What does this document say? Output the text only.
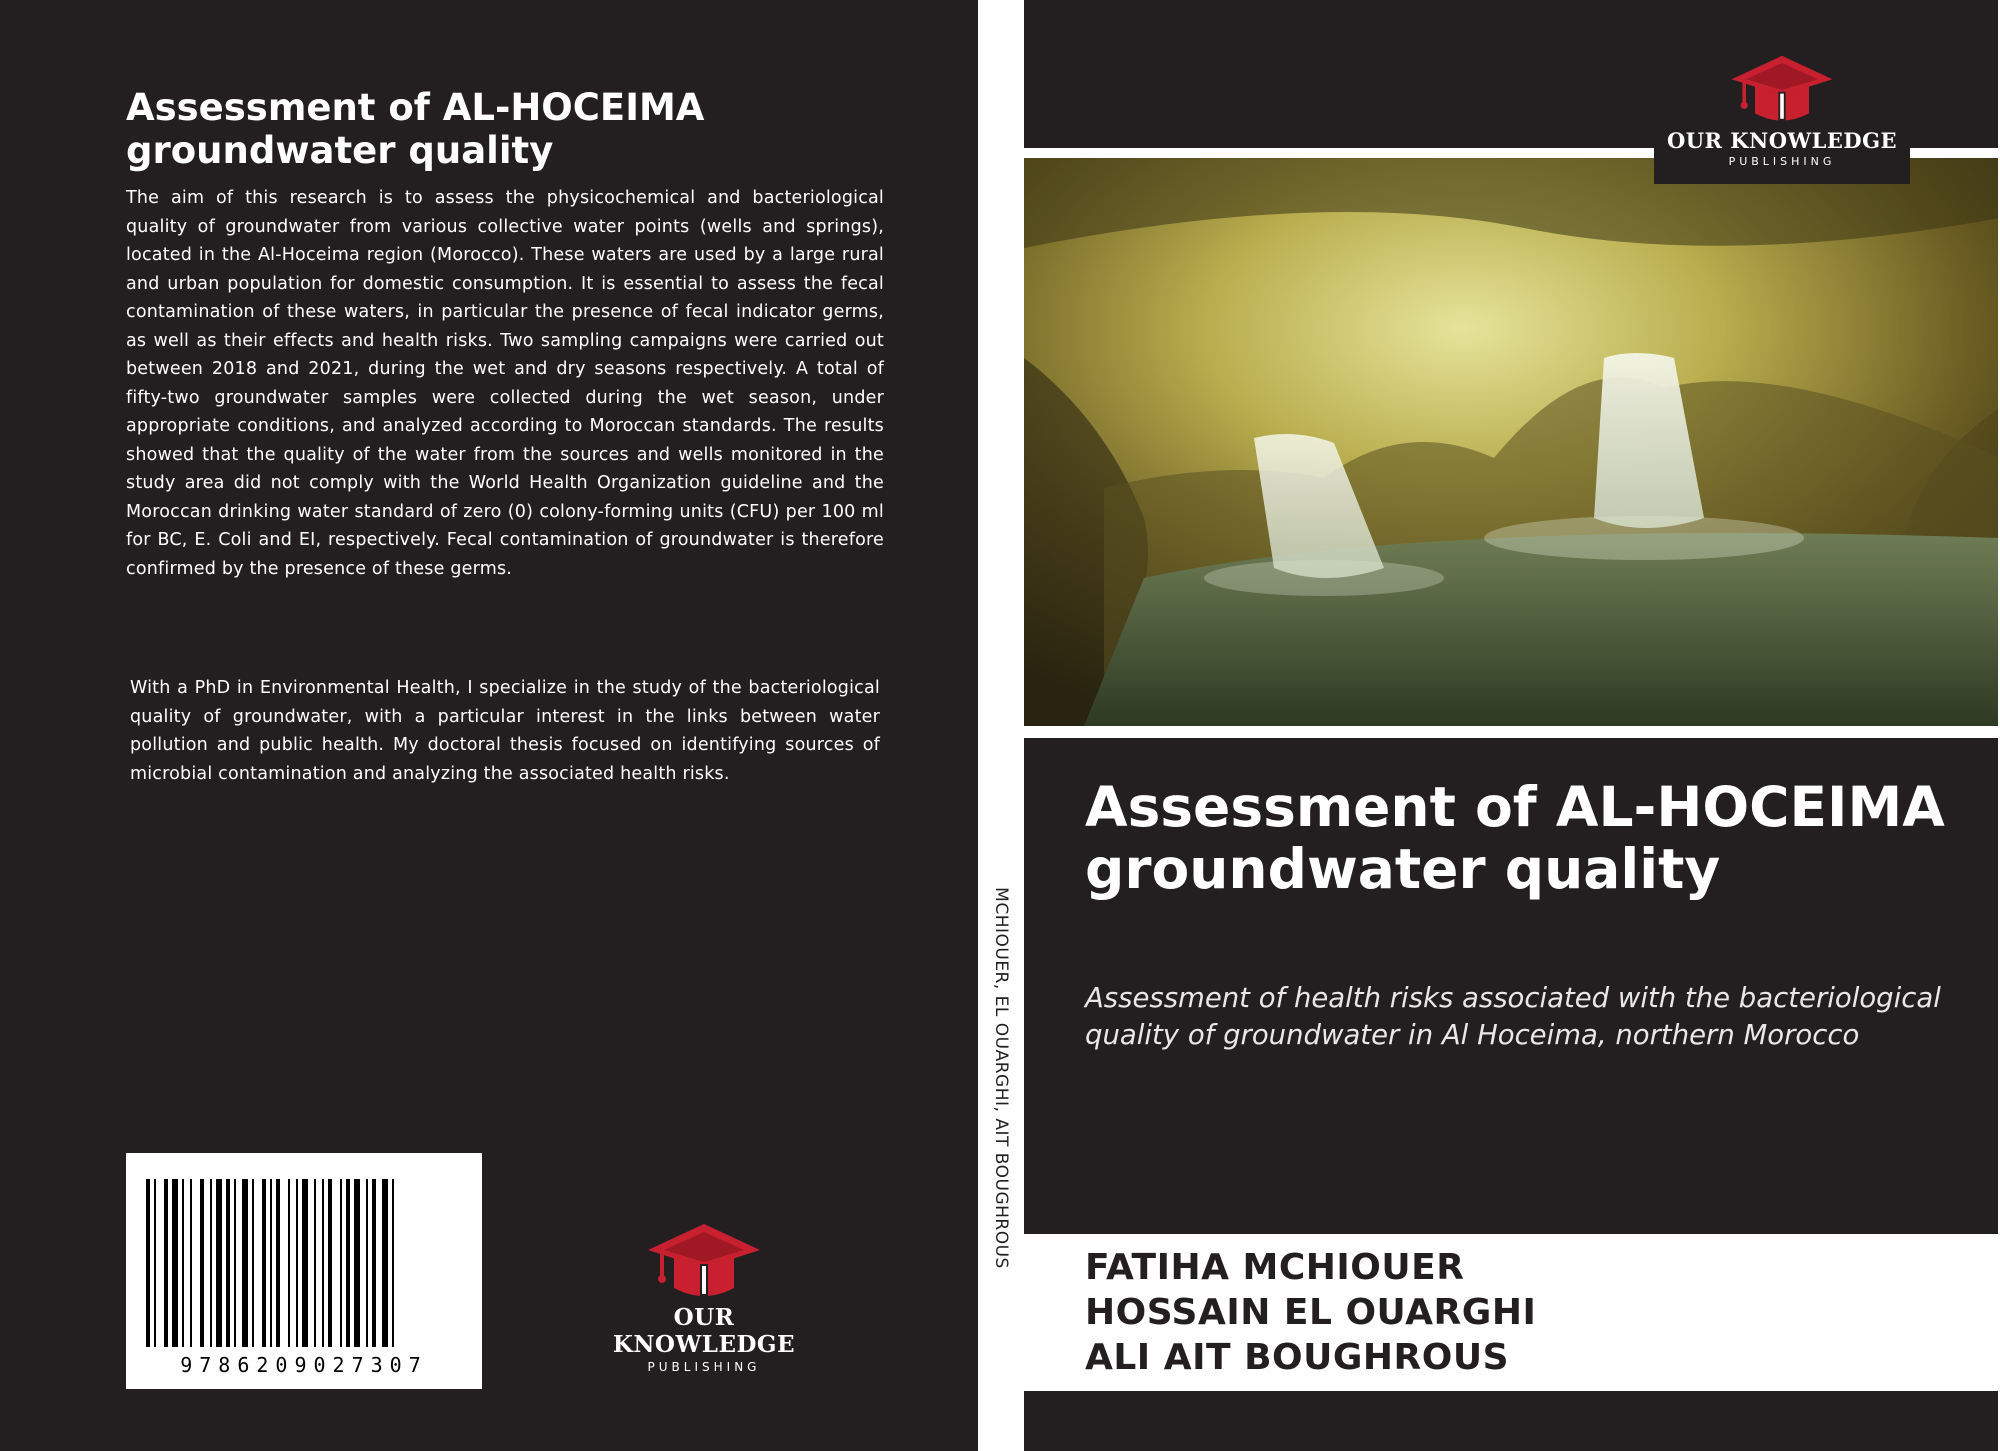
Assessment of AL-HOCEIMA groundwater quality
The aim of this research is to assess the physicochemical and bacteriological quality of groundwater from various collective water points (wells and springs), located in the Al-Hoceima region (Morocco). These waters are used by a large rural and urban population for domestic consumption. It is essential to assess the fecal contamination of these waters, in particular the presence of fecal indicator germs, as well as their effects and health risks. Two sampling campaigns were carried out between 2018 and 2021, during the wet and dry seasons respectively. A total of fifty-two groundwater samples were collected during the wet season, under appropriate conditions, and analyzed according to Moroccan standards. The results showed that the quality of the water from the sources and wells monitored in the study area did not comply with the World Health Organization guideline and the Moroccan drinking water standard of zero (0) colony-forming units (CFU) per 100 ml for BC, E. Coli and EI, respectively. Fecal contamination of groundwater is therefore confirmed by the presence of these germs.
With a PhD in Environmental Health, I specialize in the study of the bacteriological quality of groundwater, with a particular interest in the links between water pollution and public health. My doctoral thesis focused on identifying sources of microbial contamination and analyzing the associated health risks.
9786209027307
OUR KNOWLEDGE
PUBLISHING
MCHIOUER, EL OUARGHI, AIT BOUGHROUS
OUR KNOWLEDGE
PUBLISHING
Assessment of AL-HOCEIMA groundwater quality
Assessment of health risks associated with the bacteriological quality of groundwater in Al Hoceima, northern Morocco
FATIHA MCHIOUER
HOSSAIN EL OUARGHI
ALI AIT BOUGHROUS
